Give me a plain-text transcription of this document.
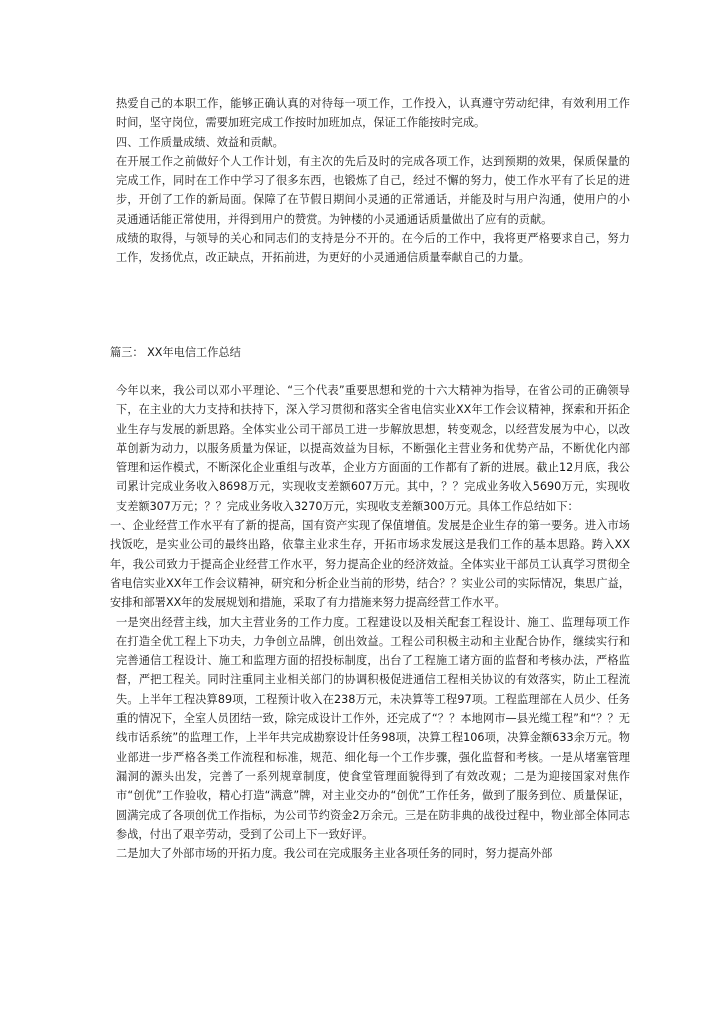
热爱自己的本职工作，能够正确认真的对待每一项工作，工作投入，认真遵守劳动纪律，有效利用工作时间，坚守岗位，需要加班完成工作按时加班加点，保证工作能按时完成。

四、工作质量成绩、效益和贡献。

在开展工作之前做好个人工作计划，有主次的先后及时的完成各项工作，达到预期的效果，保质保量的完成工作，同时在工作中学习了很多东西，也锻炼了自己，经过不懈的努力，使工作水平有了长足的进步，开创了工作的新局面。保障了在节假日期间小灵通的正常通话，并能及时与用户沟通，使用户的小灵通通话能正常使用，并得到用户的赞赏。为钟楼的小灵通通话质量做出了应有的贡献。

成绩的取得，与领导的关心和同志们的支持是分不开的。在今后的工作中，我将更严格要求自己，努力工作，发扬优点，改正缺点，开拓前进，为更好的小灵通通信质量奉献自己的力量。

篇三： XX年电信工作总结

今年以来，我公司以邓小平理论、“三个代表”重要思想和党的十六大精神为指导，在省公司的正确领导下，在主业的大力支持和扶持下，深入学习贯彻和落实全省电信实业XX年工作会议精神，探索和开拓企业生存与发展的新思路。全体实业公司干部员工进一步解放思想，转变观念，以经营发展为中心，以改革创新为动力，以服务质量为保证，以提高效益为目标，不断强化主营业务和优势产品，不断优化内部管理和运作模式，不断深化企业重组与改革，企业方方面面的工作都有了新的进展。截止12月底，我公司累计完成业务收入8698万元，实现收支差额607万元。其中，？？完成业务收入5690万元，实现收支差额307万元；？？完成业务收入3270万元，实现收支差额300万元。具体工作总结如下：

一、企业经营工作水平有了新的提高，国有资产实现了保值增值。发展是企业生存的第一要务。进入市场找饭吃，是实业公司的最终出路，依靠主业求生存，开拓市场求发展这是我们工作的基本思路。跨入XX年，我公司致力于提高企业经营工作水平，努力提高企业的经济效益。全体实业干部员工认真学习贯彻全省电信实业XX年工作会议精神，研究和分析企业当前的形势，结合？？实业公司的实际情况，集思广益，安排和部署XX年的发展规划和措施，采取了有力措施来努力提高经营工作水平。

一是突出经营主线，加大主营业务的工作力度。工程建设以及相关配套工程设计、施工、监理每项工作在打造全优工程上下功夫，力争创立品牌，创出效益。工程公司积极主动和主业配合协作，继续实行和完善通信工程设计、施工和监理方面的招投标制度，出台了工程施工诸方面的监督和考核办法，严格监督，严把工程关。同时注重同主业相关部门的协调积极促进通信工程相关协议的有效落实，防止工程流失。上半年工程决算89项，工程预计收入在238万元，未决算等工程97项。工程监理部在人员少、任务重的情况下，全室人员团结一致，除完成设计工作外，还完成了“？？本地网市—县光缆工程”和“？？无线市话系统”的监理工作，上半年共完成勘察设计任务98项，决算工程106项，决算金额633余万元。物业部进一步严格各类工作流程和标准，规范、细化每一个工作步骤，强化监督和考核。一是从堵塞管理漏洞的源头出发，完善了一系列规章制度，使食堂管理面貌得到了有效改观；二是为迎接国家对焦作市“创优”工作验收，精心打造“满意”牌，对主业交办的“创优”工作任务，做到了服务到位、质量保证，圆满完成了各项创优工作指标，为公司节约资金2万余元。三是在防非典的战役过程中，物业部全体同志参战，付出了艰辛劳动，受到了公司上下一致好评。

二是加大了外部市场的开拓力度。我公司在完成服务主业各项任务的同时，努力提高外部
